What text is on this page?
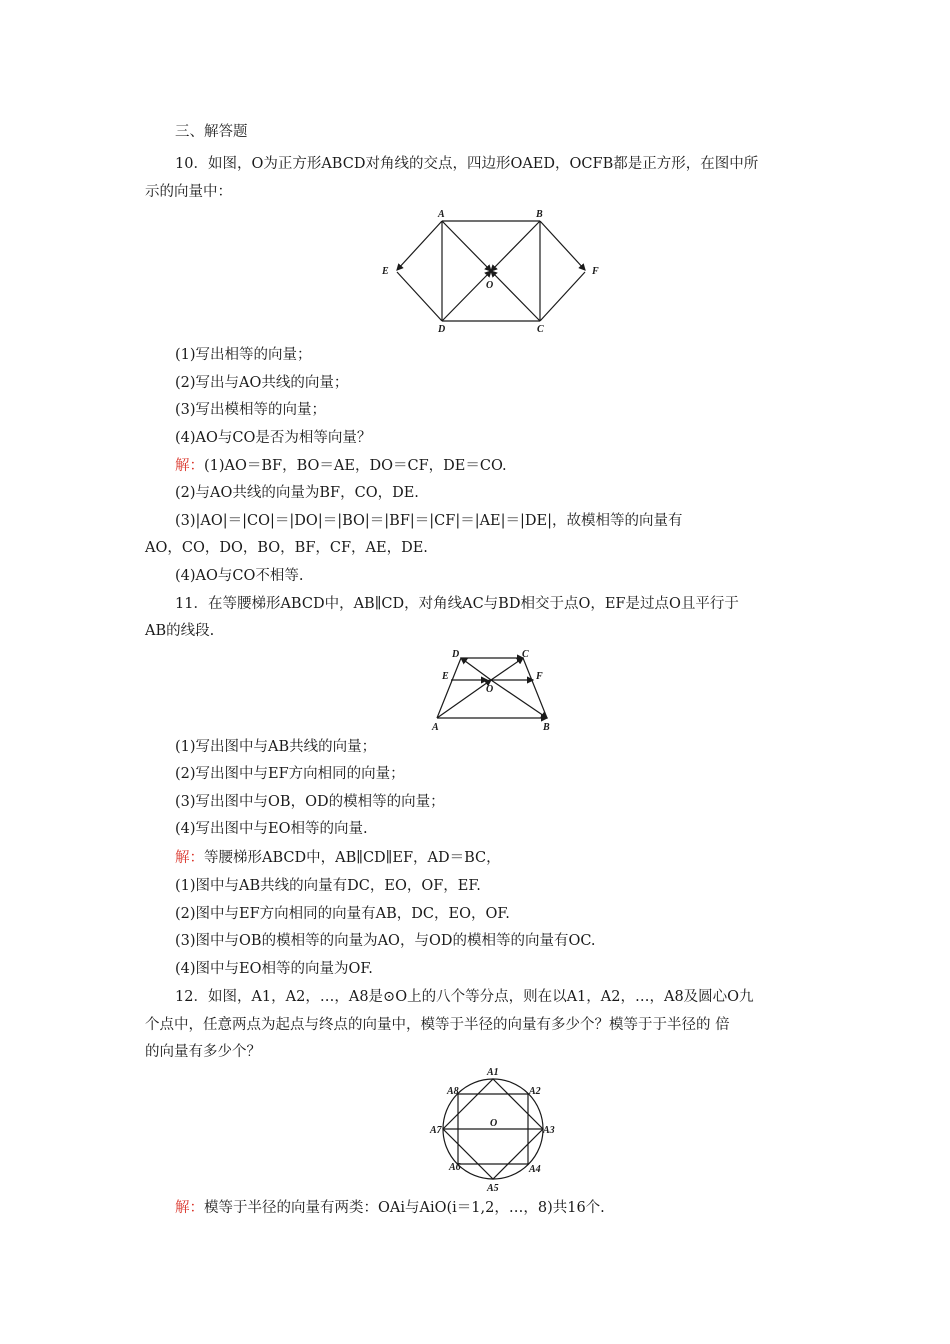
三、解答题
10．如图，O为正方形ABCD对角线的交点，四边形OAED，OCFB都是正方形，在图中所
示的向量中：
A	B
C
D
E	F
O
(1)写出相等的向量；
(2)写出与AO共线的向量；
(3)写出模相等的向量；
(4)AO与CO是否为相等向量？
解：(1)AO＝BF，BO＝AE，DO＝CF，DE＝CO.
(2)与AO共线的向量为BF，CO，DE.
(3)|AO|＝|CO|＝|DO|＝|BO|＝|BF|＝|CF|＝|AE|＝|DE|，故模相等的向量有
AO，CO，DO，BO，BF，CF，AE，DE.
(4)AO与CO不相等.
11．在等腰梯形ABCD中，AB∥CD，对角线AC与BD相交于点O，EF是过点O且平行于
AB的线段.
D	C
E	F
O
A	B
(1)写出图中与AB共线的向量；
(2)写出图中与EF方向相同的向量；
(3)写出图中与OB，OD的模相等的向量；
(4)写出图中与EO相等的向量.
解：等腰梯形ABCD中，AB∥CD∥EF，AD＝BC，
(1)图中与AB共线的向量有DC，EO，OF，EF.
(2)图中与EF方向相同的向量有AB，DC，EO，OF.
(3)图中与OB的模相等的向量为AO，与OD的模相等的向量有OC.
(4)图中与EO相等的向量为OF.
12．如图，A1，A2，…，A8是⊙O上的八个等分点，则在以A1，A2，…，A8及圆心O九
个点中，任意两点为起点与终点的向量中，模等于半径的向量有多少个？模等于于半径的 倍
的向量有多少个？
A1
A2
A3
A4
A5
A6
A7
A8
O
解：模等于半径的向量有两类：OAi与AiO(i＝1,2，…，8)共16个.
